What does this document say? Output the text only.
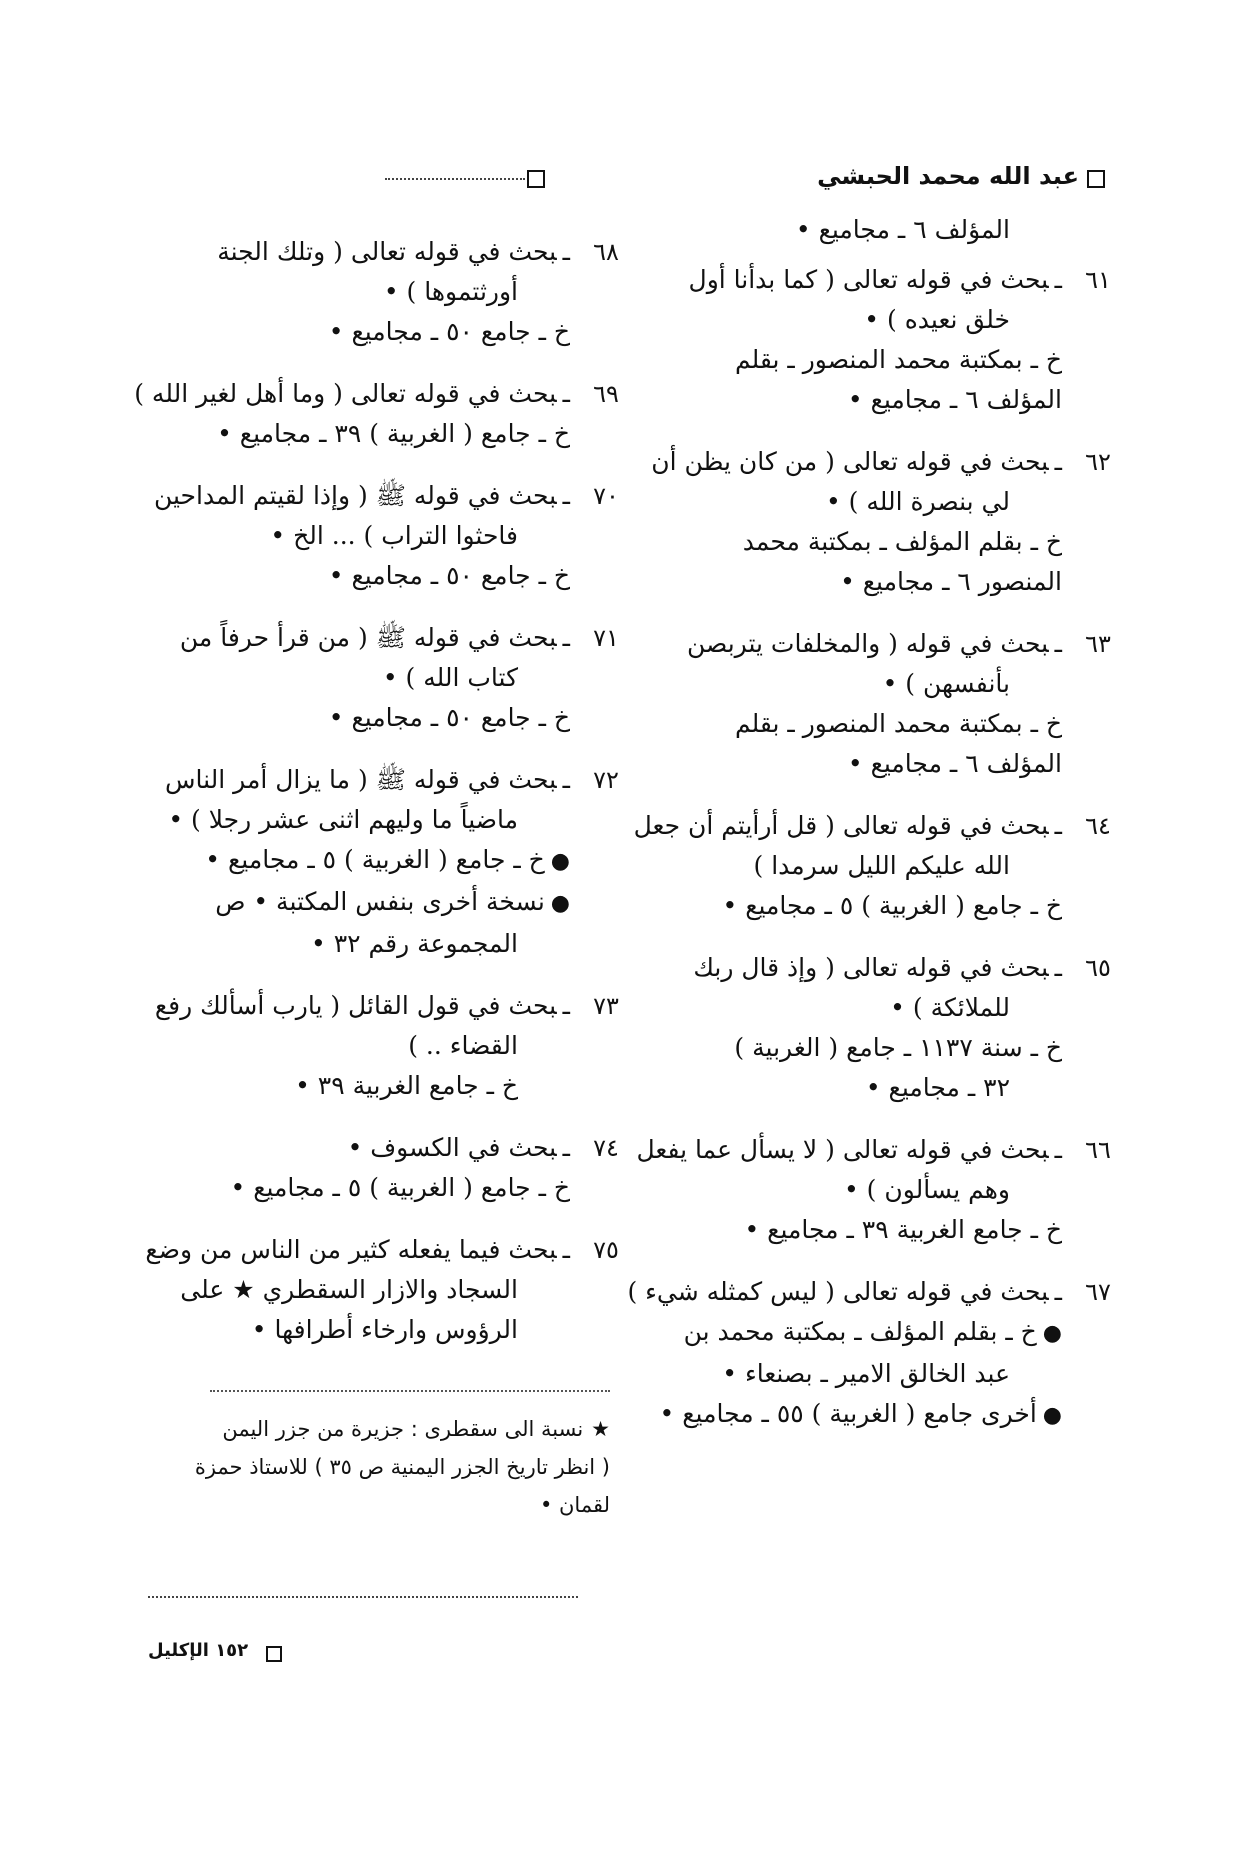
عبد الله محمد الحبشي
المؤلف ٦ ـ مجاميع •
٦١
ـبحث في قوله تعالى ( كما بدأنا أول
خلق نعيده ) •
خ ـ بمكتبة محمد المنصور ـ بقلم
المؤلف ٦ ـ مجاميع •
٦٢
ـبحث في قوله تعالى ( من كان يظن أن
لي بنصرة الله ) •
خ ـ بقلم المؤلف ـ بمكتبة محمد
المنصور ٦ ـ مجاميع •
٦٣
ـبحث في قوله ( والمخلفات يتربصن
بأنفسهن ) •
خ ـ بمكتبة محمد المنصور ـ بقلم
المؤلف ٦ ـ مجاميع •
٦٤
ـبحث في قوله تعالى ( قل أرأيتم أن جعل
الله عليكم الليل سرمدا )
خ ـ جامع ( الغربية ) ٥ ـ مجاميع •
٦٥
ـبحث في قوله تعالى ( وإذ قال ربك
للملائكة ) •
خ ـ سنة ١١٣٧ ـ جامع ( الغربية )
٣٢ ـ مجاميع •
٦٦
ـبحث في قوله تعالى ( لا يسأل عما يفعل
وهم يسألون ) •
خ ـ جامع الغربية ٣٩ ـ مجاميع •
٦٧
ـبحث في قوله تعالى ( ليس كمثله شيء )
● خ ـ بقلم المؤلف ـ بمكتبة محمد بن
عبد الخالق الامير ـ بصنعاء •
● أخرى جامع ( الغربية ) ٥٥ ـ مجاميع •
٦٨
ـبحث في قوله تعالى ( وتلك الجنة
أورثتموها ) •
خ ـ جامع ٥٠ ـ مجاميع •
٦٩
ـبحث في قوله تعالى ( وما أهل لغير الله )
خ ـ جامع ( الغربية ) ٣٩ ـ مجاميع •
٧٠
ـبحث في قوله ﷺ ( وإذا لقيتم المداحين
فاحثوا التراب ) ... الخ •
خ ـ جامع ٥٠ ـ مجاميع •
٧١
ـبحث في قوله ﷺ ( من قرأ حرفاً من
كتاب الله ) •
خ ـ جامع ٥٠ ـ مجاميع •
٧٢
ـبحث في قوله ﷺ ( ما يزال أمر الناس
ماضياً ما وليهم اثنى عشر رجلا ) •
● خ ـ جامع ( الغربية ) ٥ ـ مجاميع •
● نسخة أخرى بنفس المكتبة • ص
المجموعة رقم ٣٢ •
٧٣
ـبحث في قول القائل ( يارب أسألك رفع
القضاء .. )
خ ـ جامع الغربية ٣٩ •
٧٤
ـبحث في الكسوف •
خ ـ جامع ( الغربية ) ٥ ـ مجاميع •
٧٥
ـبحث فيما يفعله كثير من الناس من وضع
السجاد والازار السقطري ★ على
الرؤوس وارخاء أطرافها •
★نسبة الى سقطرى : جزيرة من جزر اليمن
( انظر تاريخ الجزر اليمنية ص ٣٥ ) للاستاذ حمزة
لقمان •
١٥٢ الإكليل
